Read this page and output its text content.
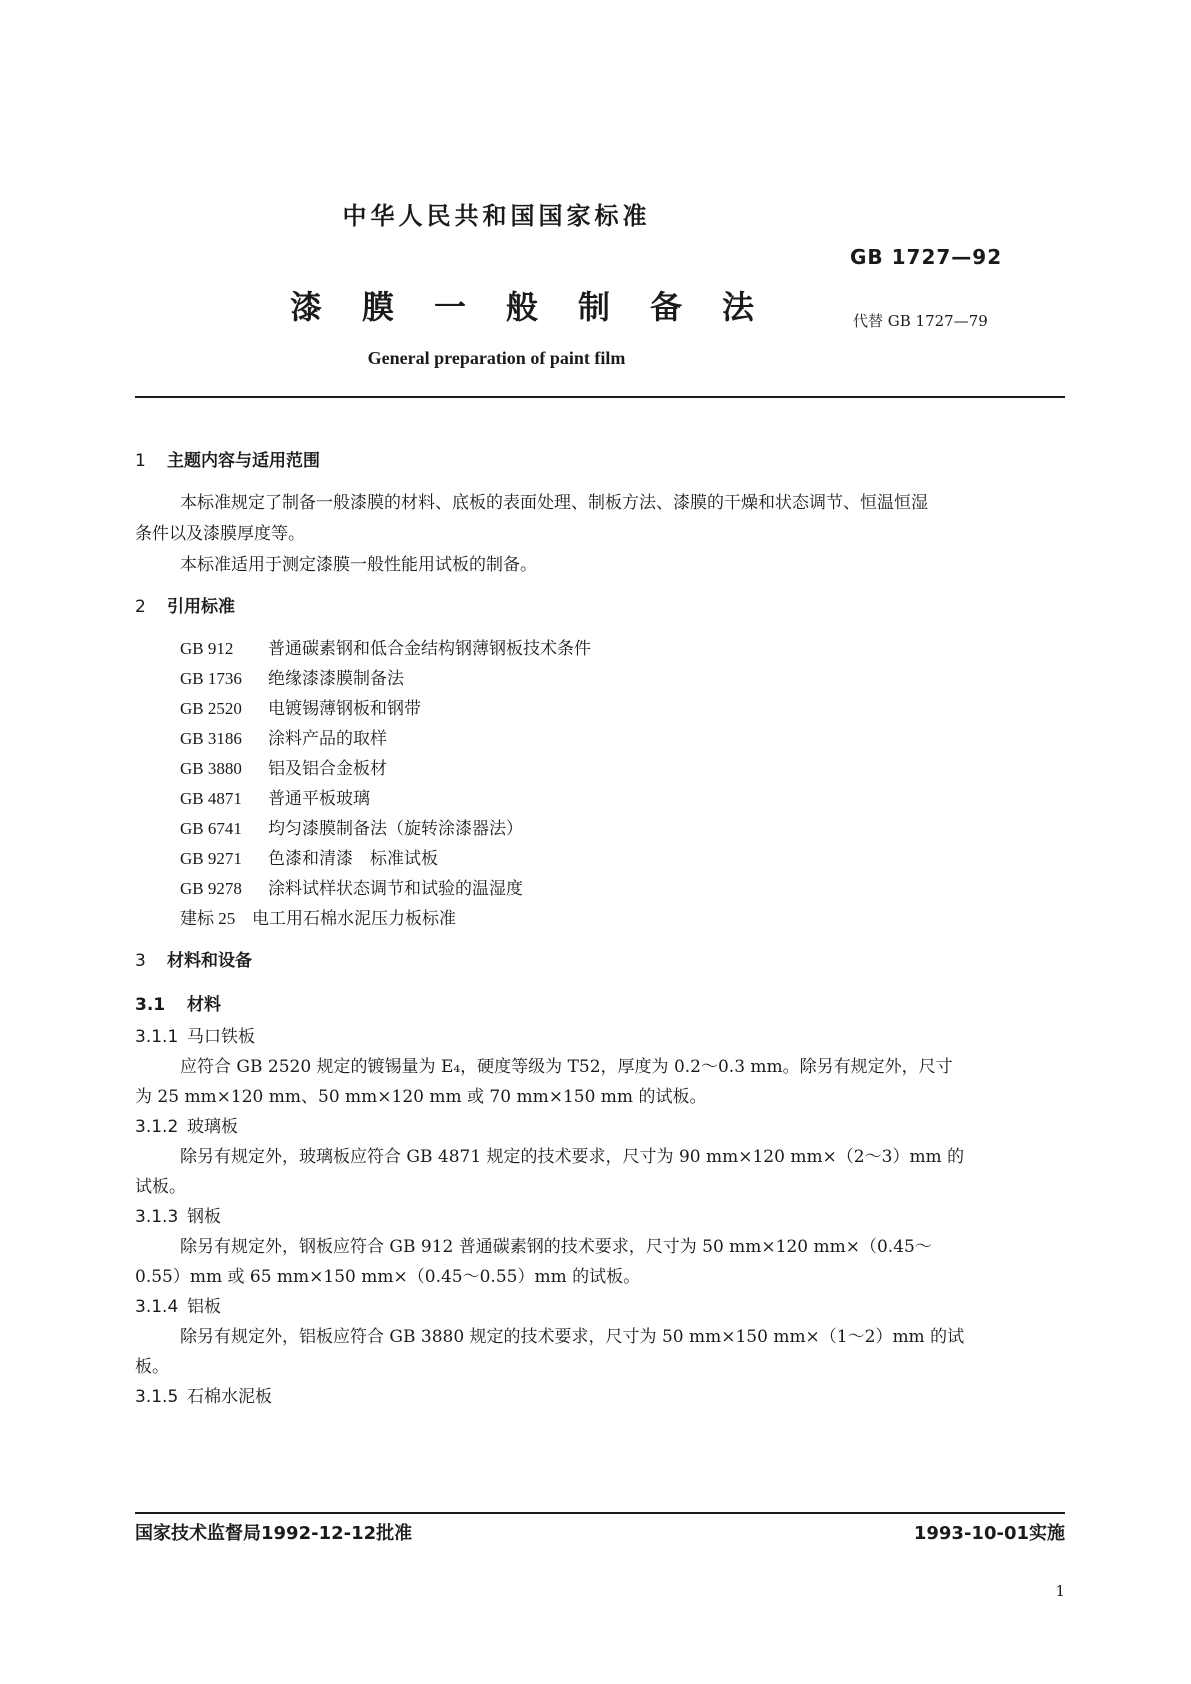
中华人民共和国国家标准
GB 1727—92
漆膜一般制备法	代替 GB 1727—79
General preparation of paint film
1 主题内容与适用范围
本标准规定了制备一般漆膜的材料、底板的表面处理、制板方法、漆膜的干燥和状态调节、恒温恒湿
条件以及漆膜厚度等。
本标准适用于测定漆膜一般性能用试板的制备。
2 引用标准
GB 912 普通碳素钢和低合金结构钢薄钢板技术条件
GB 1736 绝缘漆漆膜制备法
GB 2520 电镀锡薄钢板和钢带
GB 3186 涂料产品的取样
GB 3880 铝及铝合金板材
GB 4871 普通平板玻璃
GB 6741 均匀漆膜制备法（旋转涂漆器法）
GB 9271 色漆和清漆　标准试板
GB 9278 涂料试样状态调节和试验的温湿度
建标 25 电工用石棉水泥压力板标准
3 材料和设备
3.1 材料
3.1.1 马口铁板
应符合 GB 2520 规定的镀锡量为 E₄，硬度等级为 T52，厚度为 0.2～0.3 mm。除另有规定外，尺寸
为 25 mm×120 mm、50 mm×120 mm 或 70 mm×150 mm 的试板。
3.1.2 玻璃板
除另有规定外，玻璃板应符合 GB 4871 规定的技术要求，尺寸为 90 mm×120 mm×（2～3）mm 的
试板。
3.1.3 钢板
除另有规定外，钢板应符合 GB 912 普通碳素钢的技术要求，尺寸为 50 mm×120 mm×（0.45～
0.55）mm 或 65 mm×150 mm×（0.45～0.55）mm 的试板。
3.1.4 铝板
除另有规定外，铝板应符合 GB 3880 规定的技术要求，尺寸为 50 mm×150 mm×（1～2）mm 的试
板。
3.1.5 石棉水泥板
国家技术监督局1992-12-12批准	1993-10-01实施
1
